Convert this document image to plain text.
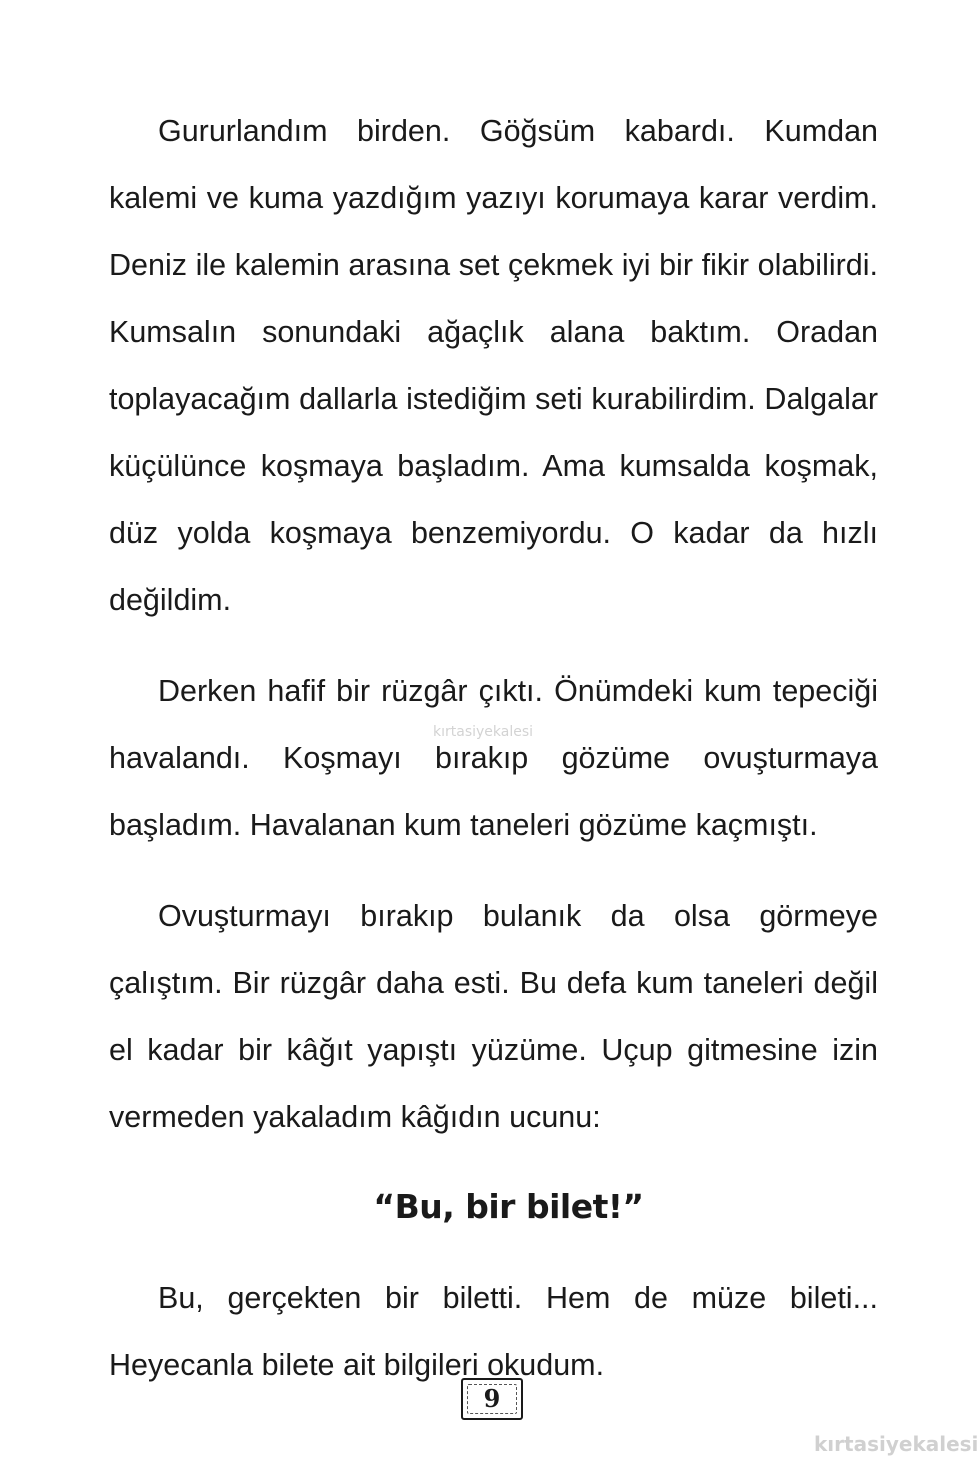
Gururlandım birden. Göğsüm kabardı. Kumdan kalemi ve kuma yazdığım yazıyı korumaya karar verdim. Deniz ile kalemin arasına set çekmek iyi bir fikir olabilirdi. Kumsalın sonundaki ağaçlık alana baktım. Oradan toplayacağım dallarla istediğim seti kurabilirdim. Dalgalar küçülünce koşmaya başladım. Ama kumsalda koşmak, düz yolda koşmaya benzemiyordu. O kadar da hızlı değildim.

Derken hafif bir rüzgâr çıktı. Önümdeki kum tepeciği havalandı. Koşmayı bırakıp gözüme ovuşturmaya başladım. Havalanan kum taneleri gözüme kaçmıştı.

Ovuşturmayı bırakıp bulanık da olsa görmeye çalıştım. Bir rüzgâr daha esti. Bu defa kum taneleri değil el kadar bir kâğıt yapıştı yüzüme. Uçup gitmesine izin vermeden yakaladım kâğıdın ucunu:

“Bu, bir bilet!”

Bu, gerçekten bir biletti. Hem de müze bileti... Heyecanla bilete ait bilgileri okudum.

kırtasiyekalesi
9
kırtasiyekalesi
